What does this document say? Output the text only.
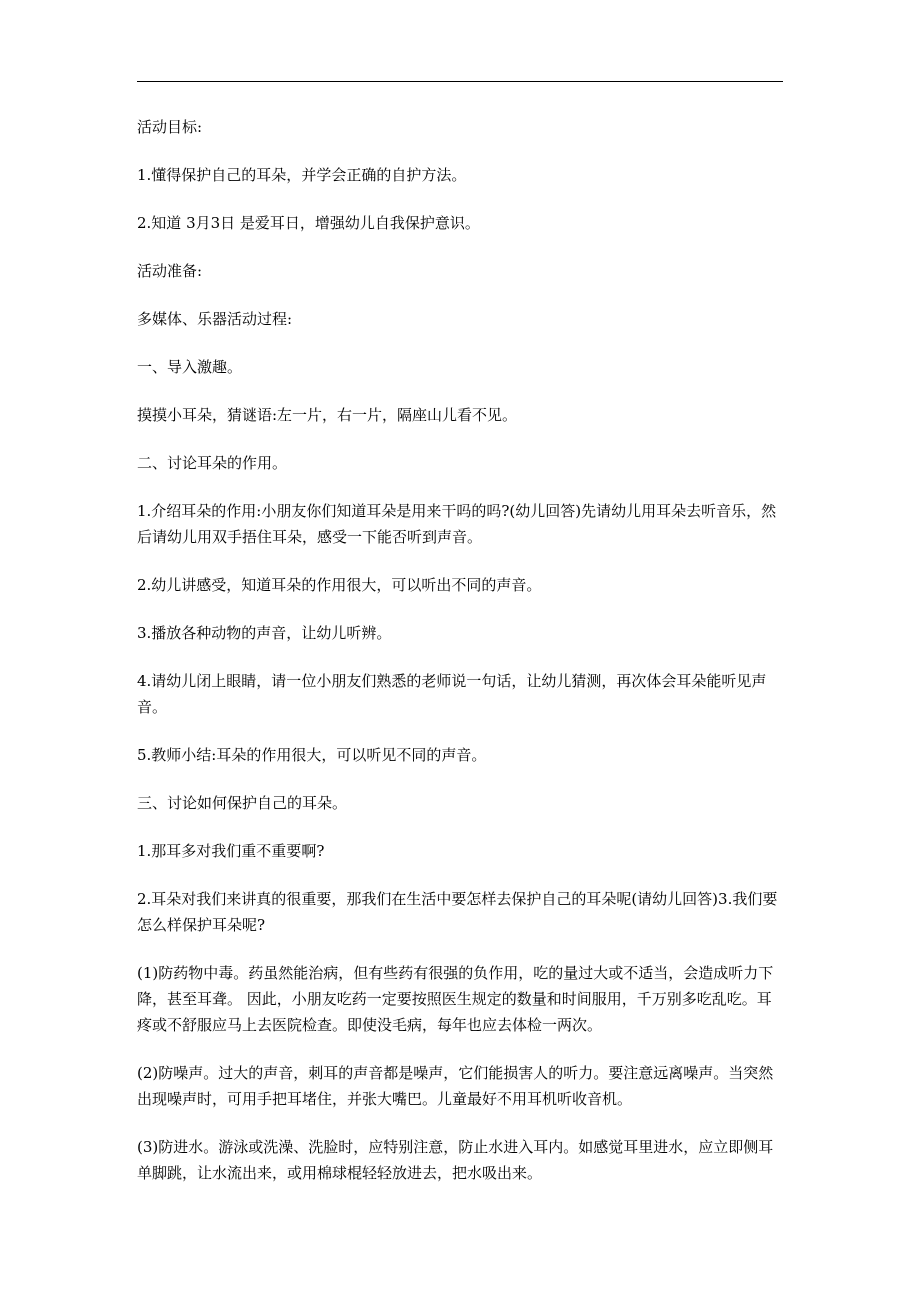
活动目标:

1.懂得保护自己的耳朵，并学会正确的自护方法。

2.知道 3月3日 是爱耳日，增强幼儿自我保护意识。

活动准备:

多媒体、乐器活动过程:

一、导入激趣。

摸摸小耳朵，猜谜语:左一片，右一片，隔座山儿看不见。

二、讨论耳朵的作用。

1.介绍耳朵的作用:小朋友你们知道耳朵是用来干吗的吗?(幼儿回答)先请幼儿用耳朵去听音乐，然后请幼儿用双手捂住耳朵，感受一下能否听到声音。

2.幼儿讲感受，知道耳朵的作用很大，可以听出不同的声音。

3.播放各种动物的声音，让幼儿听辨。

4.请幼儿闭上眼睛，请一位小朋友们熟悉的老师说一句话，让幼儿猜测，再次体会耳朵能听见声音。

5.教师小结:耳朵的作用很大，可以听见不同的声音。

三、讨论如何保护自己的耳朵。

1.那耳多对我们重不重要啊?

2.耳朵对我们来讲真的很重要，那我们在生活中要怎样去保护自己的耳朵呢(请幼儿回答)3.我们要怎么样保护耳朵呢?

(1)防药物中毒。药虽然能治病，但有些药有很强的负作用，吃的量过大或不适当，会造成听力下降，甚至耳聋。 因此，小朋友吃药一定要按照医生规定的数量和时间服用，千万别多吃乱吃。耳疼或不舒服应马上去医院检查。即使没毛病，每年也应去体检一两次。

(2)防噪声。过大的声音，刺耳的声音都是噪声，它们能损害人的听力。要注意远离噪声。当突然出现噪声时，可用手把耳堵住，并张大嘴巴。儿童最好不用耳机听收音机。

(3)防进水。游泳或洗澡、洗脸时，应特别注意，防止水进入耳内。如感觉耳里进水，应立即侧耳单脚跳，让水流出来，或用棉球棍轻轻放进去，把水吸出来。
